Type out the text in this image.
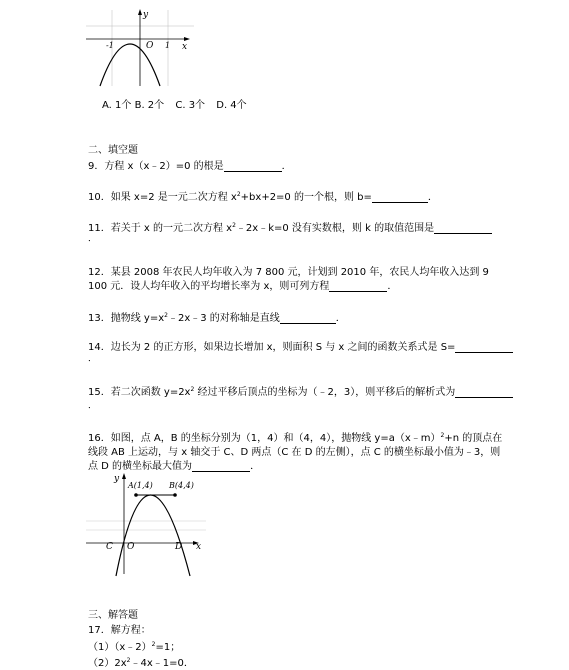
y
-1	O 1 x
A. 1个 B. 2个 C. 3个 D. 4个
二、填空题
9．方程 x（x﹣2）=0 的根是	．
10．如果 x=2 是一元二次方程 $x^2+bx+2=0$ 的一个根，则 b=	．
11．若关于 x 的一元二次方程 $x^2﹣2x﹣k=0$ 没有实数根，则 k 的取值范围是
．
12．某县 2008 年农民人均年收入为 7 800 元，计划到 2010 年，农民人均年收入达到 9
100 元．设人均年收入的平均增长率为 x，则可列方程	．
13．抛物线 $y=x^2﹣2x﹣3$ 的对称轴是直线	．
14．边长为 2 的正方形，如果边长增加 x，则面积 S 与 x 之间的函数关系式是 S=
．
15．若二次函数 $y=2x^2$ 经过平移后顶点的坐标为（﹣2，3），则平移后的解析式为
．
16．如图，点 A，B 的坐标分别为（1，4）和（4，4），抛物线 y=a（x﹣m）$^2$+n 的顶点在
线段 AB 上运动，与 x 轴交于 C、D 两点（C 在 D 的左侧），点 C 的横坐标最小值为﹣3，则
点 D 的横坐标最大值为	．
y
A(1,4) B(4,4)
C O	D x
三、解答题
17．解方程：
（1）（x﹣2）$^2$=1；
$(2)2x^2﹣4x﹣1=0$．
